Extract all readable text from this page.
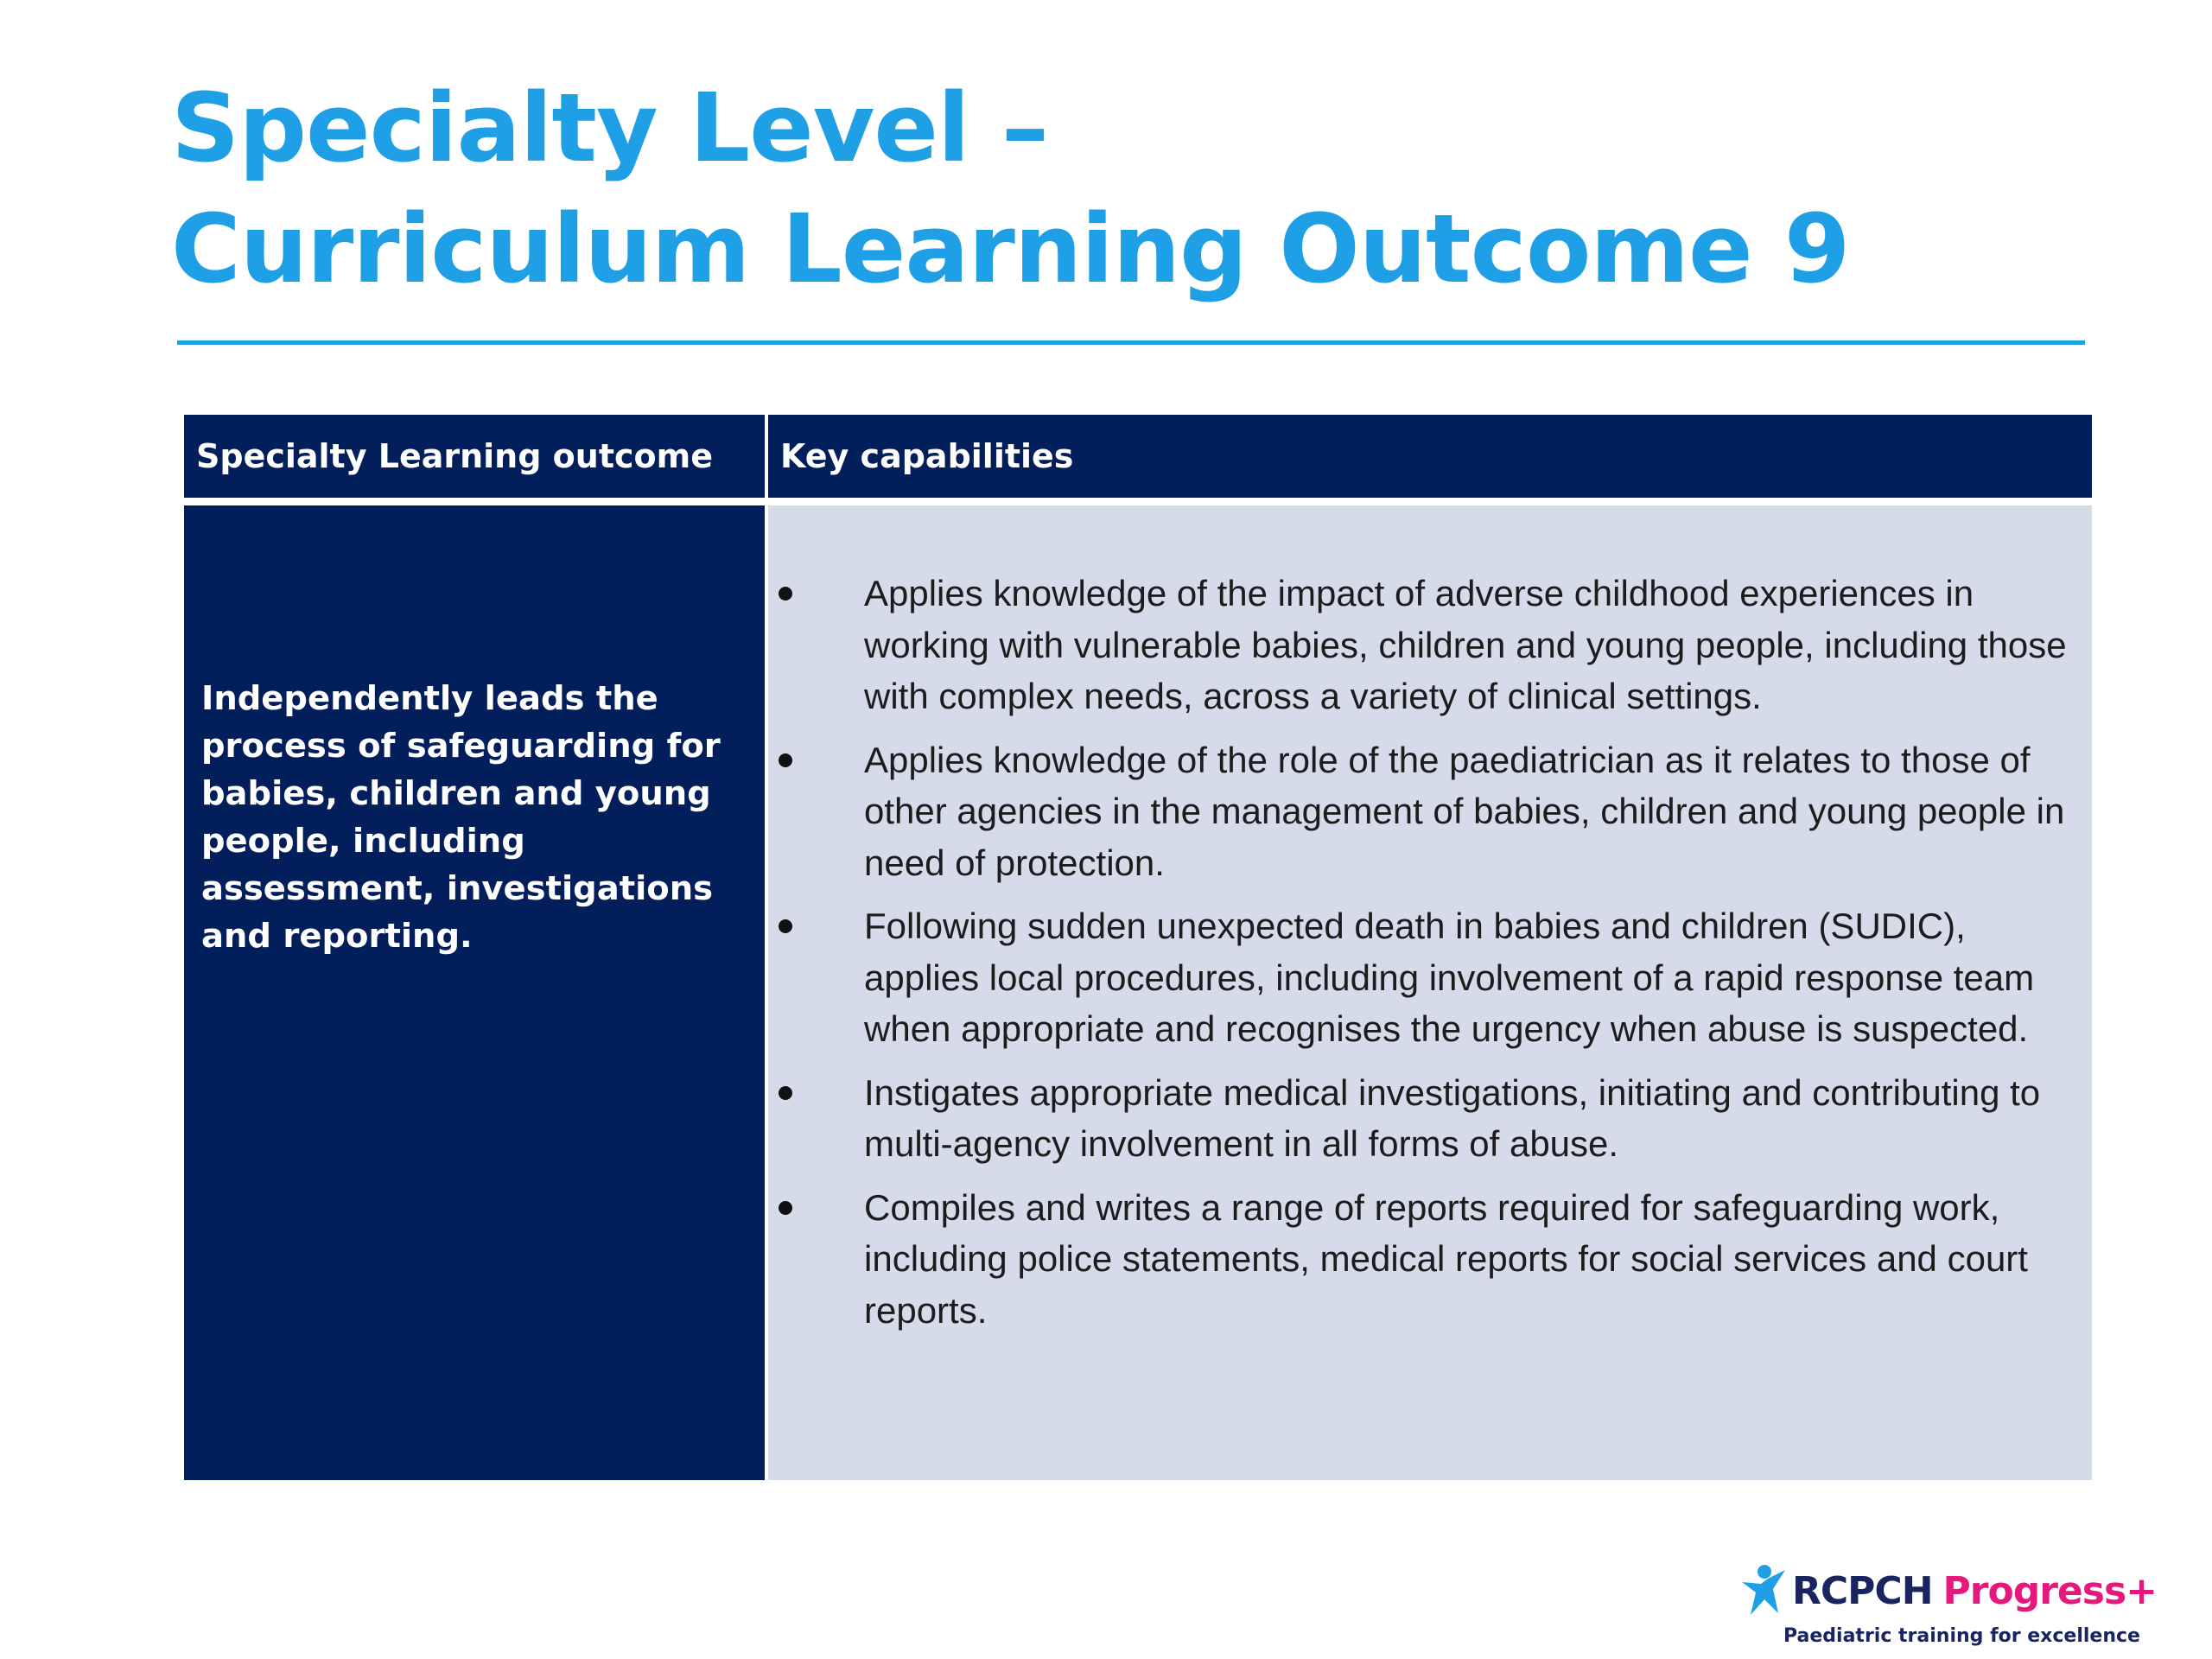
Specialty Level –
Curriculum Learning Outcome 9
Specialty Learning outcome	Key capabilities
Independently leads the process of safeguarding for babies, children and young people, including assessment, investigations and reporting.
Applies knowledge of the impact of adverse childhood experiences in working with vulnerable babies, children and young people, including those with complex needs, across a variety of clinical settings.
Applies knowledge of the role of the paediatrician as it relates to those of other agencies in the management of babies, children and young people in need of protection.
Following sudden unexpected death in babies and children (SUDIC), applies local procedures, including involvement of a rapid response team when appropriate and recognises the urgency when abuse is suspected.
Instigates appropriate medical investigations, initiating and contributing to multi-agency involvement in all forms of abuse.
Compiles and writes a range of reports required for safeguarding work, including police statements, medical reports for social services and court reports.
RCPCH Progress+
Paediatric training for excellence
